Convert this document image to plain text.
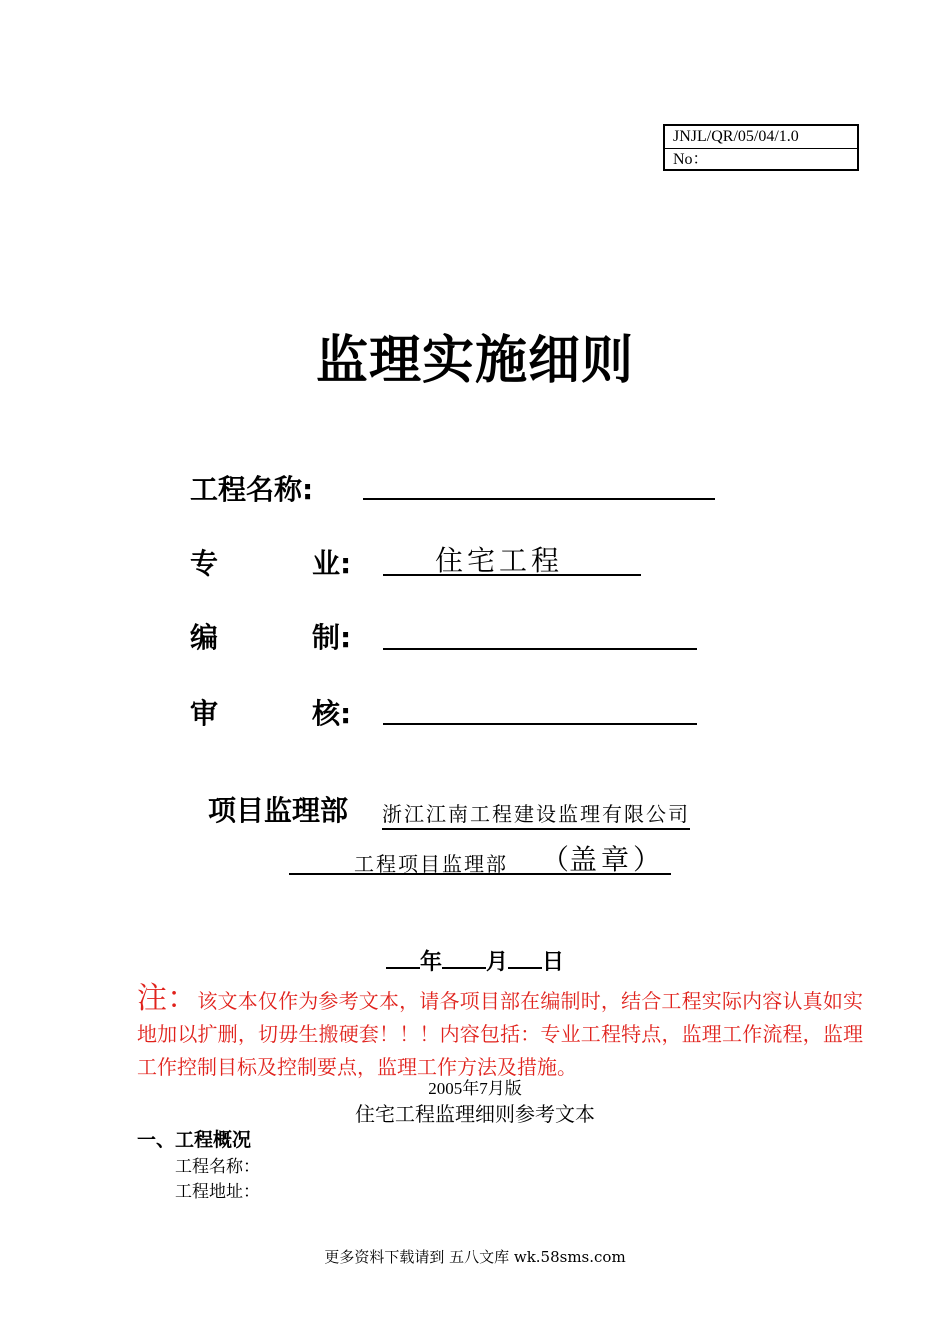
JNJL/QR/05/04/1.0
No：
监理实施细则
工程名称:
专	业:	住宅工程
编	制:
审	核:
项目监理部 浙江江南工程建设监理有限公司
工程项目监理部 （盖章）
年 月 日
注：该文本仅作为参考文本，请各项目部在编制时，结合工程实际内容认真如实地加以扩删，切毋生搬硬套！！！内容包括：专业工程特点，监理工作流程，监理工作控制目标及控制要点，监理工作方法及措施。
2005年7月版
住宅工程监理细则参考文本
一、工程概况
工程名称：
工程地址：
更多资料下载请到 五八文库 wk.58sms.com
